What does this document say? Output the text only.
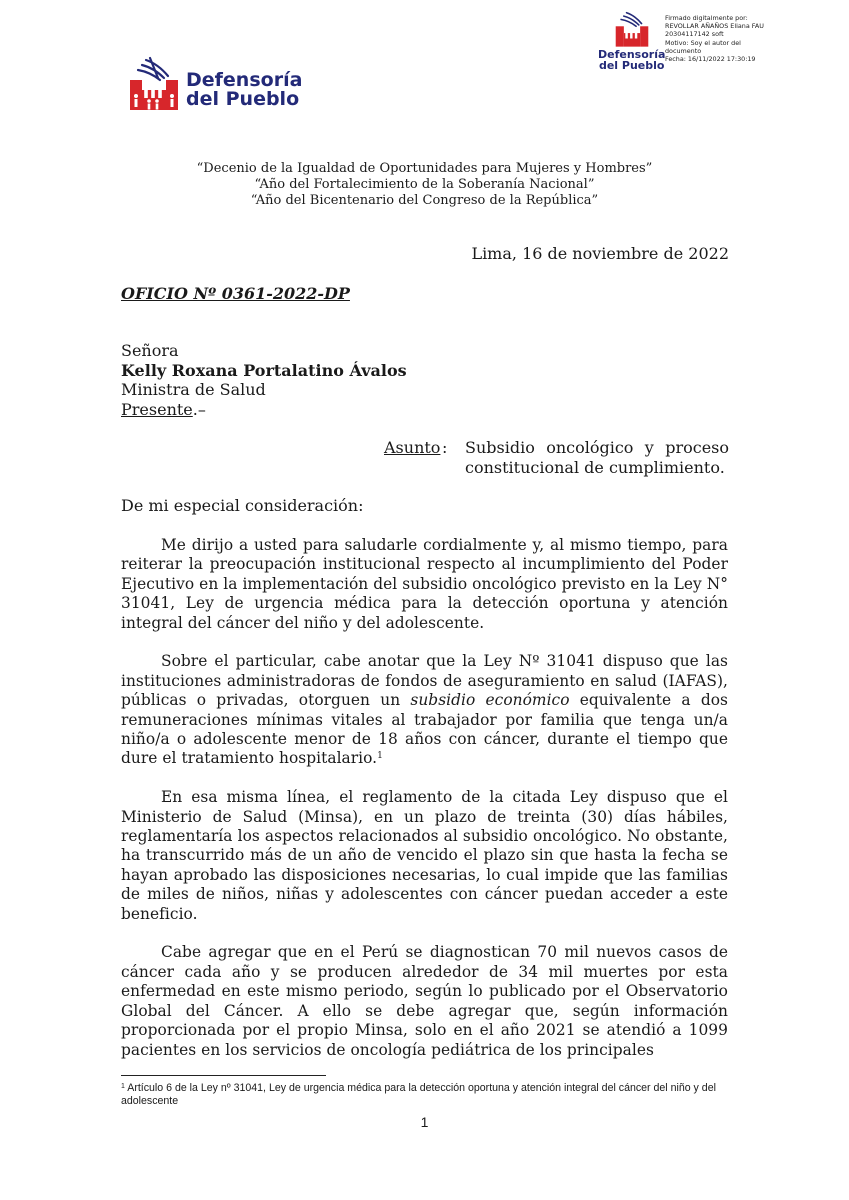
Defensoría
del Pueblo
Defensoría
del Pueblo
Firmado digitalmente por:
REVOLLAR AÑAÑOS Eliana FAU
20304117142 soft
Motivo: Soy el autor del
documento
Fecha: 16/11/2022 17:30:19
“Decenio de la Igualdad de Oportunidades para Mujeres y Hombres”
“Año del Fortalecimiento de la Soberanía Nacional”
“Año del Bicentenario del Congreso de la República”
Lima, 16 de noviembre de 2022
OFICIO Nº 0361-2022-DP
Señora
Kelly Roxana Portalatino Ávalos
Ministra de Salud
Presente.–
Asunto : Subsidio oncológico y proceso constitucional de cumplimiento.
De mi especial consideración:

Me dirijo a usted para saludarle cordialmente y, al mismo tiempo, para reiterar la preocupación institucional respecto al incumplimiento del Poder Ejecutivo en la implementación del subsidio oncológico previsto en la Ley N° 31041, Ley de urgencia médica para la detección oportuna y atención integral del cáncer del niño y del adolescente.

Sobre el particular, cabe anotar que la Ley Nº 31041 dispuso que las instituciones administradoras de fondos de aseguramiento en salud (IAFAS), públicas o privadas, otorguen un subsidio económico equivalente a dos remuneraciones mínimas vitales al trabajador por familia que tenga un/a niño/a o adolescente menor de 18 años con cáncer, durante el tiempo que dure el tratamiento hospitalario.$^1$

En esa misma línea, el reglamento de la citada Ley dispuso que el Ministerio de Salud (Minsa), en un plazo de treinta (30) días hábiles, reglamentaría los aspectos relacionados al subsidio oncológico. No obstante, ha transcurrido más de un año de vencido el plazo sin que hasta la fecha se hayan aprobado las disposiciones necesarias, lo cual impide que las familias de miles de niños, niñas y adolescentes con cáncer puedan acceder a este beneficio.

Cabe agregar que en el Perú se diagnostican 70 mil nuevos casos de cáncer cada año y se producen alrededor de 34 mil muertes por esta enfermedad en este mismo periodo, según lo publicado por el Observatorio Global del Cáncer. A ello se debe agregar que, según información proporcionada por el propio Minsa, solo en el año 2021 se atendió a 1099 pacientes en los servicios de oncología pediátrica de los principales

$^1$ Artículo 6 de la Ley nº 31041, Ley de urgencia médica para la detección oportuna y atención integral del cáncer del niño y del adolescente
1
